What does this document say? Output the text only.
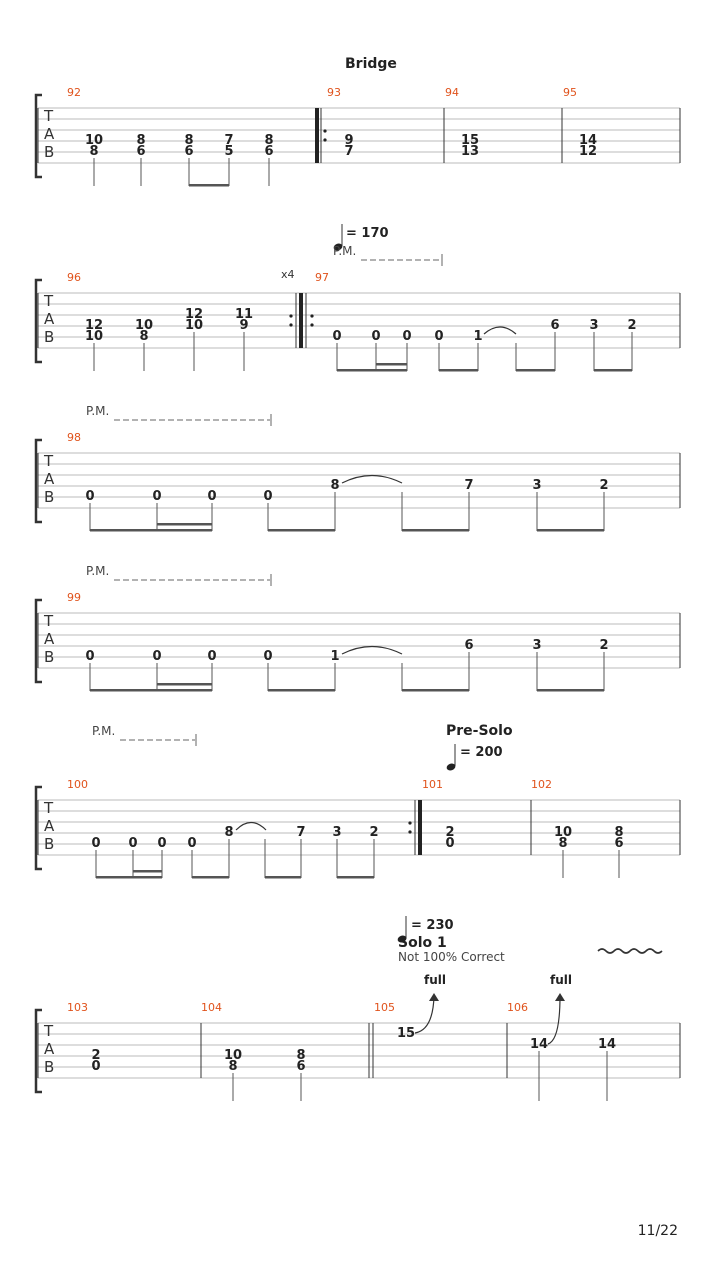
Bridge
T
A
B
92	93	94	95
10
8
8
6
8
6
7
5
8
6
9
7
15
13
14
12
= 170
P.M.
x4
T
A
B
96	97
12
10
10
8
12
10
11
9
0 0 0 0 1
6 3 2
P.M.
T
A
B
98
0	0	0	0
8	7	3	2
P.M.
T
A
B
99
0	0	0	0	1
6	3	2
P.M.	Pre-Solo
= 200
T
A
B
100	101	102
0 0 0 0
8	7 3 2	2
0
10
8
8
6
= 230
Solo 1
Not 100% Correct
full	full
T
A
B
103	104	105	106
2
0
10
8
8
6
15
14	14
11/22
